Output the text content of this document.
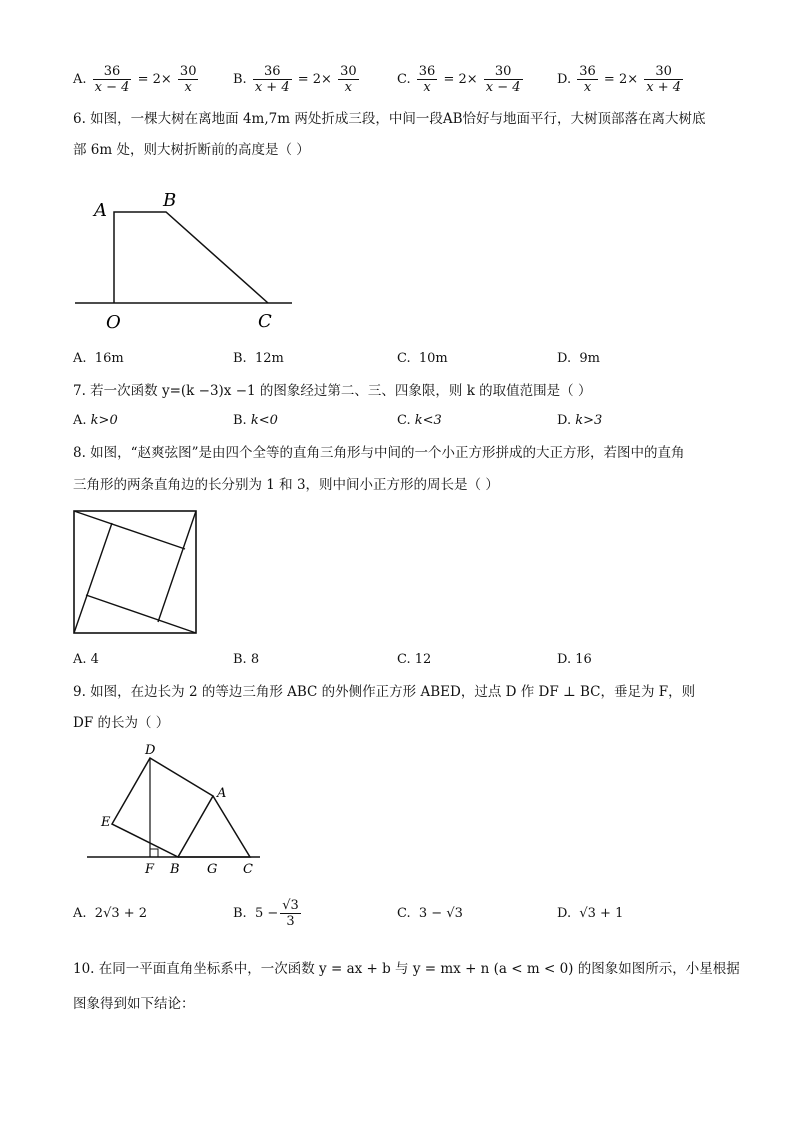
A. $\frac{36}{x - 4} = 2\times \frac{30}{x}$	B. $\frac{36}{x + 4} = 2\times \frac{30}{x}$	C. $\frac{36}{x} = 2\times \frac{30}{x - 4}$	D. $\frac{36}{x} = 2\times \frac{30}{x + 4}$
6. 如图，一棵大树在离地面 4m,7m 两处折成三段，中间一段AB恰好与地面平行，大树顶部落在离大树底
部 6m 处，则大树折断前的高度是（ ）
A	B
O	C
A. 16m	B. 12m	C. 10m	D. 9m
7. 若一次函数 y=(k −3)x −1 的图象经过第二、三、四象限，则 k 的取值范围是（ ）
A. k>0	B. k<0	C. k<3	D. k>3
8. 如图，“赵爽弦图”是由四个全等的直角三角形与中间的一个小正方形拼成的大正方形，若图中的直角
三角形的两条直角边的长分别为 1 和 3，则中间小正方形的周长是（ ）
A. 4	B. 8	C. 12	D. 16
9. 如图，在边长为 2 的等边三角形 ABC 的外侧作正方形 ABED，过点 D 作 DF ⊥ BC，垂足为 F，则
DF 的长为（ ）
D
A
E
F B G C
A. 2√3 + 2	B. $5 - \frac{√3}{3}$	C. 3 − √3	D. √3 + 1
10. 在同一平面直角坐标系中，一次函数 y = ax + b 与 y = mx + n (a < m < 0) 的图象如图所示，小星根据
图象得到如下结论：
